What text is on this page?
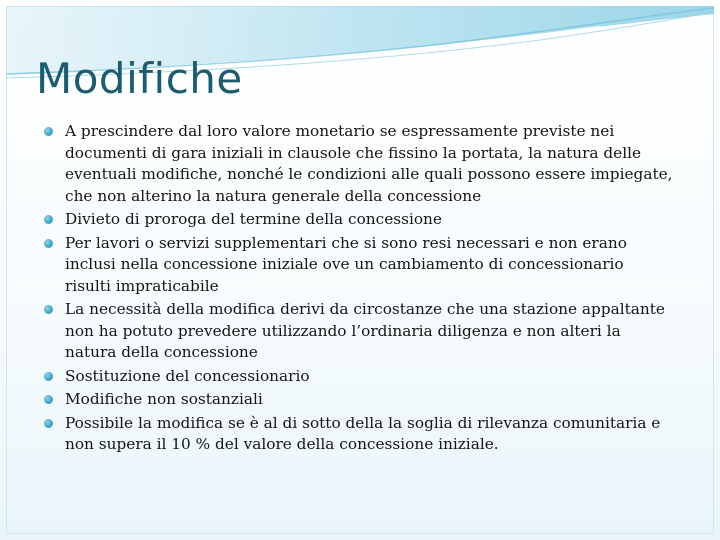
Modifiche
A prescindere dal loro valore monetario se espressamente previste nei documenti di gara iniziali in clausole che fissino la portata, la natura delle eventuali modifiche, nonché le condizioni alle quali possono essere impiegate, che non alterino la natura generale della concessione
Divieto di proroga del termine della concessione
Per lavori o servizi supplementari che si sono resi necessari e non erano inclusi nella concessione iniziale ove un cambiamento di concessionario risulti impraticabile
La necessità della modifica derivi da circostanze che una stazione appaltante non ha potuto prevedere utilizzando l’ordinaria diligenza e non alteri la natura della concessione
Sostituzione del concessionario
Modifiche non sostanziali
Possibile la modifica se è al di sotto della la soglia di rilevanza comunitaria e non supera il 10 % del valore della concessione iniziale.
